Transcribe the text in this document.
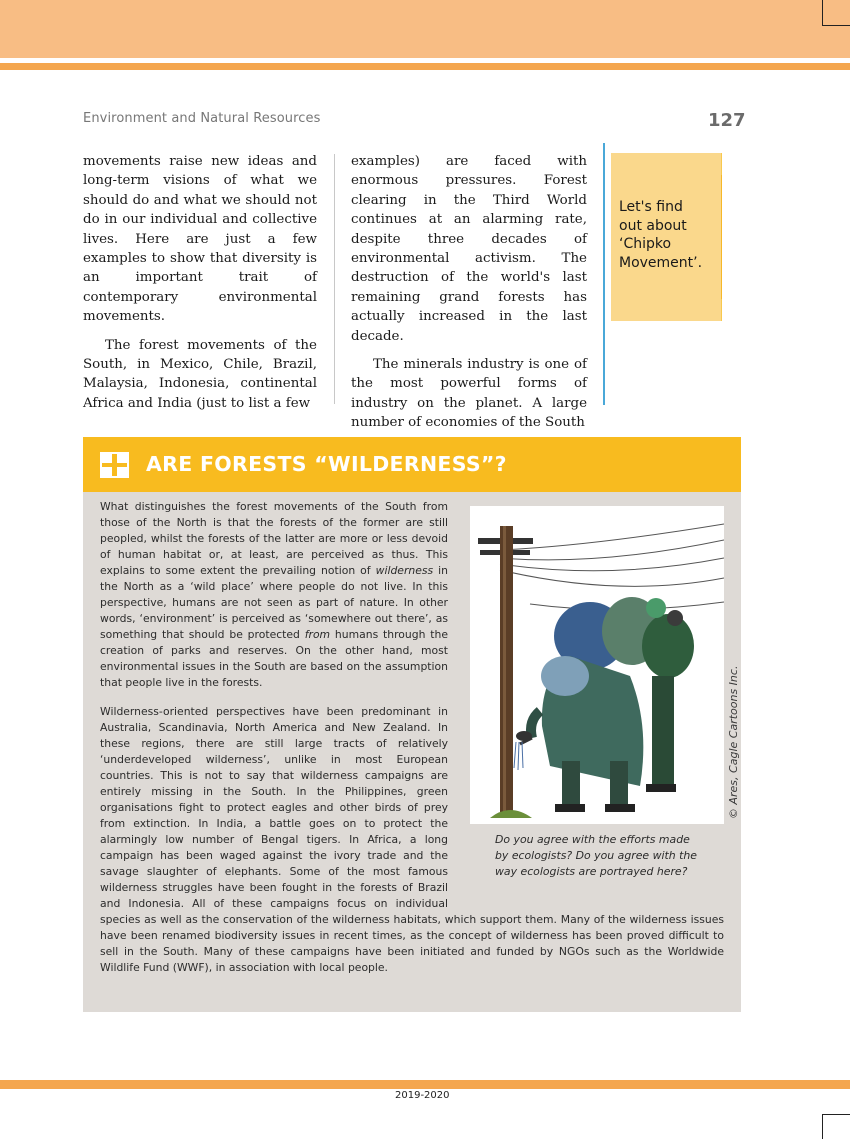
Environment and Natural Resources	127

movements raise new ideas and long-term visions of what we should do and what we should not do in our individual and collective lives. Here are just a few examples to show that diversity is an important trait of contemporary environmental movements.

The forest movements of the South, in Mexico, Chile, Brazil, Malaysia, Indonesia, continental Africa and India (just to list a few

examples) are faced with enormous pressures. Forest clearing in the Third World continues at an alarming rate, despite three decades of environmental activism. The destruction of the world's last remaining grand forests has actually increased in the last decade.

The minerals industry is one of the most powerful forms of industry on the planet. A large number of economies of the South

Let's find out about ‘Chipko Movement’.
ARE FORESTS “WILDERNESS”?

What distinguishes the forest movements of the South from those of the North is that the forests of the former are still peopled, whilst the forests of the latter are more or less devoid of human habitat or, at least, are perceived as thus. This explains to some extent the prevailing notion of wilderness in the North as a ‘wild place’ where people do not live. In this perspective, humans are not seen as part of nature. In other words, ‘environment’ is perceived as ‘somewhere out there’, as something that should be protected from humans through the creation of parks and reserves. On the other hand, most environmental issues in the South are based on the assumption that people live in the forests.

Wilderness-oriented perspectives have been predominant in Australia, Scandinavia, North America and New Zealand. In these regions, there are still large tracts of relatively ‘underdeveloped wilderness’, unlike in most European countries. This is not to say that wilderness campaigns are entirely missing in the South. In the Philippines, green organisations fight to protect eagles and other birds of prey from extinction. In India, a battle goes on to protect the alarmingly low number of Bengal tigers. In Africa, a long campaign has been waged against the ivory trade and the savage slaughter of elephants. Some of the most famous wilderness struggles have been fought in the forests of Brazil and Indonesia. All of these campaigns focus on individual species as well as the conservation of the wilderness habitats, which support them. Many of the wilderness issues have been renamed biodiversity issues in recent times, as the concept of wilderness has been proved difficult to sell in the South. Many of these campaigns have been initiated and funded by NGOs such as the Worldwide Wildlife Fund (WWF), in association with local people.

Do you agree with the efforts made by ecologists? Do you agree with the way ecologists are portrayed here?
© Ares, Cagle Cartoons Inc.
2019-2020
